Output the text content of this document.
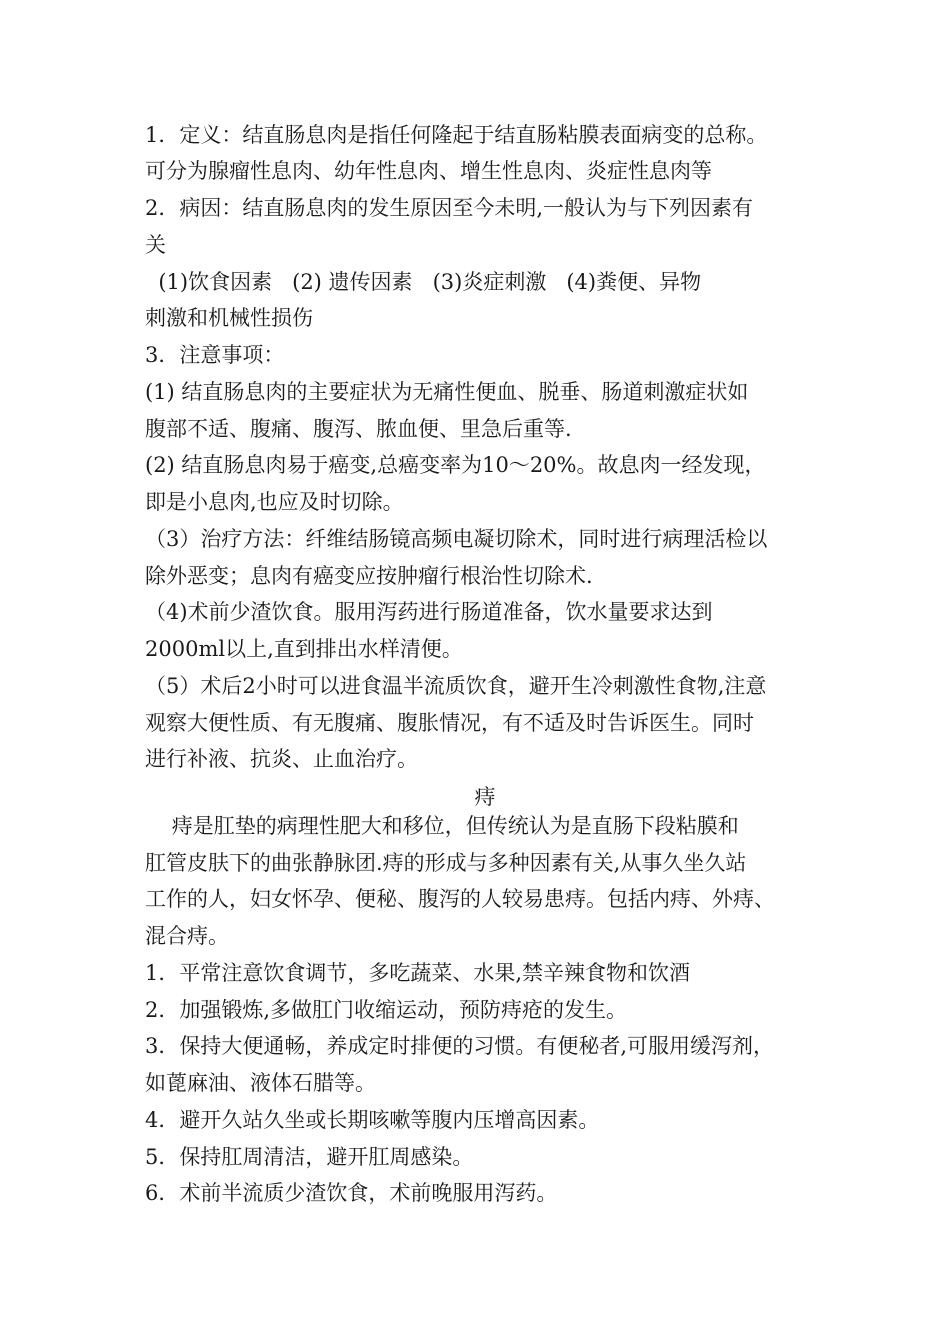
1．定义：结直肠息肉是指任何隆起于结直肠粘膜表面病变的总称。
可分为腺瘤性息肉、幼年性息肉、增生性息肉、炎症性息肉等
2．病因：结直肠息肉的发生原因至今未明,一般认为与下列因素有
关
(1)饮食因素   (2) 遗传因素   (3)炎症刺激   (4)粪便、异物
刺激和机械性损伤
3．注意事项：
(1) 结直肠息肉的主要症状为无痛性便血、脱垂、肠道刺激症状如
腹部不适、腹痛、腹泻、脓血便、里急后重等.
(2) 结直肠息肉易于癌变,总癌变率为10～20%。故息肉一经发现，
即是小息肉,也应及时切除。
（3）治疗方法：纤维结肠镜高频电凝切除术，同时进行病理活检以
除外恶变；息肉有癌变应按肿瘤行根治性切除术.
（4)术前少渣饮食。服用泻药进行肠道准备，饮水量要求达到
2000ml以上,直到排出水样清便。
（5）术后2小时可以进食温半流质饮食，避开生冷刺激性食物,注意
观察大便性质、有无腹痛、腹胀情况，有不适及时告诉医生。同时
进行补液、抗炎、止血治疗。
痔
痔是肛垫的病理性肥大和移位，但传统认为是直肠下段粘膜和
肛管皮肤下的曲张静脉团.痔的形成与多种因素有关,从事久坐久站
工作的人，妇女怀孕、便秘、腹泻的人较易患痔。包括内痔、外痔、
混合痔。
1．平常注意饮食调节，多吃蔬菜、水果,禁辛辣食物和饮酒
2．加强锻炼,多做肛门收缩运动，预防痔疮的发生。
3．保持大便通畅，养成定时排便的习惯。有便秘者,可服用缓泻剂，
如蓖麻油、液体石腊等。
4．避开久站久坐或长期咳嗽等腹内压增高因素。
5．保持肛周清洁，避开肛周感染。
6．术前半流质少渣饮食，术前晚服用泻药。
